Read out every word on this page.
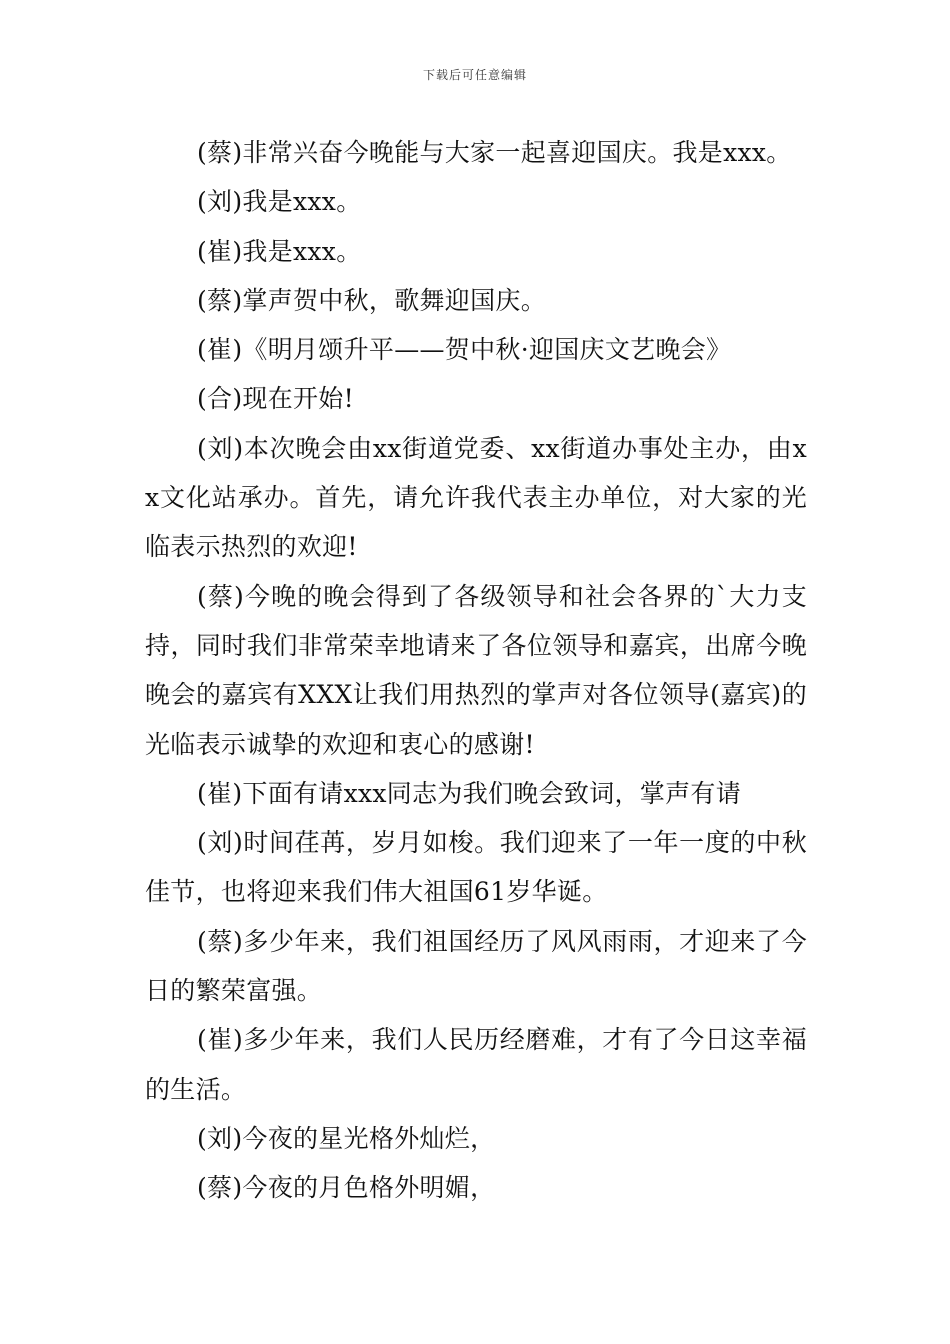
下载后可任意编辑

(蔡)非常兴奋今晚能与大家一起喜迎国庆。我是xxx。

(刘)我是xxx。

(崔)我是xxx。

(蔡)掌声贺中秋，歌舞迎国庆。

(崔)《明月颂升平——贺中秋·迎国庆文艺晚会》

(合)现在开始!

(刘)本次晚会由xx街道党委、xx街道办事处主办，由xx文化站承办。首先，请允许我代表主办单位，对大家的光临表示热烈的欢迎!

(蔡)今晚的晚会得到了各级领导和社会各界的`大力支持，同时我们非常荣幸地请来了各位领导和嘉宾，出席今晚晚会的嘉宾有XXX让我们用热烈的掌声对各位领导(嘉宾)的光临表示诚挚的欢迎和衷心的感谢!

(崔)下面有请xxx同志为我们晚会致词，掌声有请

(刘)时间荏苒，岁月如梭。我们迎来了一年一度的中秋佳节，也将迎来我们伟大祖国61岁华诞。

(蔡)多少年来，我们祖国经历了风风雨雨，才迎来了今日的繁荣富强。

(崔)多少年来，我们人民历经磨难，才有了今日这幸福的生活。

(刘)今夜的星光格外灿烂，

(蔡)今夜的月色格外明媚，
